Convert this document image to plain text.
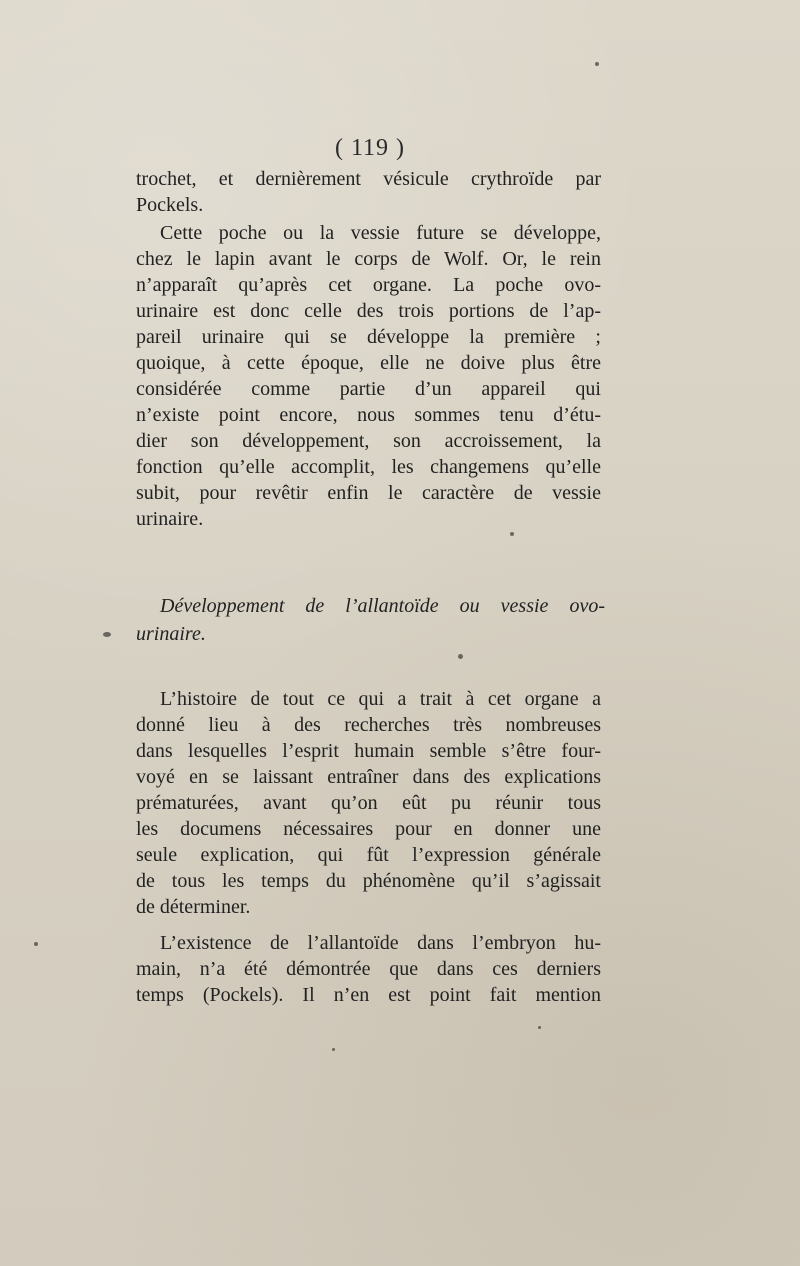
( 119 )

trochet, et dernièrement vésicule crythroïde par
Pockels.

Cette poche ou la vessie future se développe,
chez le lapin avant le corps de Wolf. Or, le rein
n’apparaît qu’après cet organe. La poche ovo-
urinaire est donc celle des trois portions de l’ap-
pareil urinaire qui se développe la première ;
quoique, à cette époque, elle ne doive plus être
considérée comme partie d’un appareil qui
n’existe point encore, nous sommes tenu d’étu-
dier son développement, son accroissement, la
fonction qu’elle accomplit, les changemens qu’elle
subit, pour revêtir enfin le caractère de vessie
urinaire.

Développement de l’allantoïde ou vessie ovo-
urinaire.

L’histoire de tout ce qui a trait à cet organe a
donné lieu à des recherches très nombreuses
dans lesquelles l’esprit humain semble s’être four-
voyé en se laissant entraîner dans des explications
prématurées, avant qu’on eût pu réunir tous
les documens nécessaires pour en donner une
seule explication, qui fût l’expression générale
de tous les temps du phénomène qu’il s’agissait
de déterminer.

L’existence de l’allantoïde dans l’embryon hu-
main, n’a été démontrée que dans ces derniers
temps (Pockels). Il n’en est point fait mention
